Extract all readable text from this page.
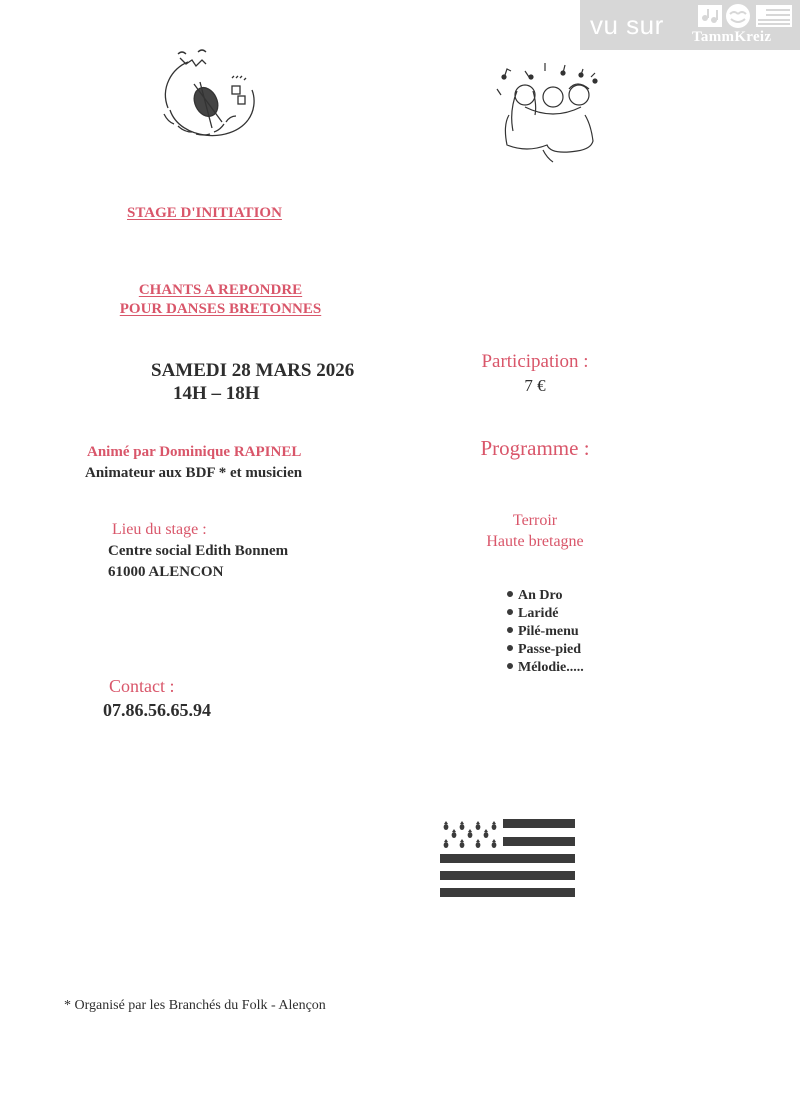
vu sur TammKreiz
STAGE D'INITIATION
CHANTS A REPONDRE
POUR DANSES BRETONNES
SAMEDI 28 MARS 2026
14H – 18H
Animé par Dominique RAPINEL
Animateur aux BDF * et musicien
Lieu du stage :
Centre social Edith Bonnem
61000 ALENCON
Contact :
07.86.56.65.94
Participation :
7 €
Programme :
Terroir
Haute bretagne
An Dro
Laridé
Pilé-menu
Passe-pied
Mélodie.....
* Organisé par les Branchés du Folk - Alençon
